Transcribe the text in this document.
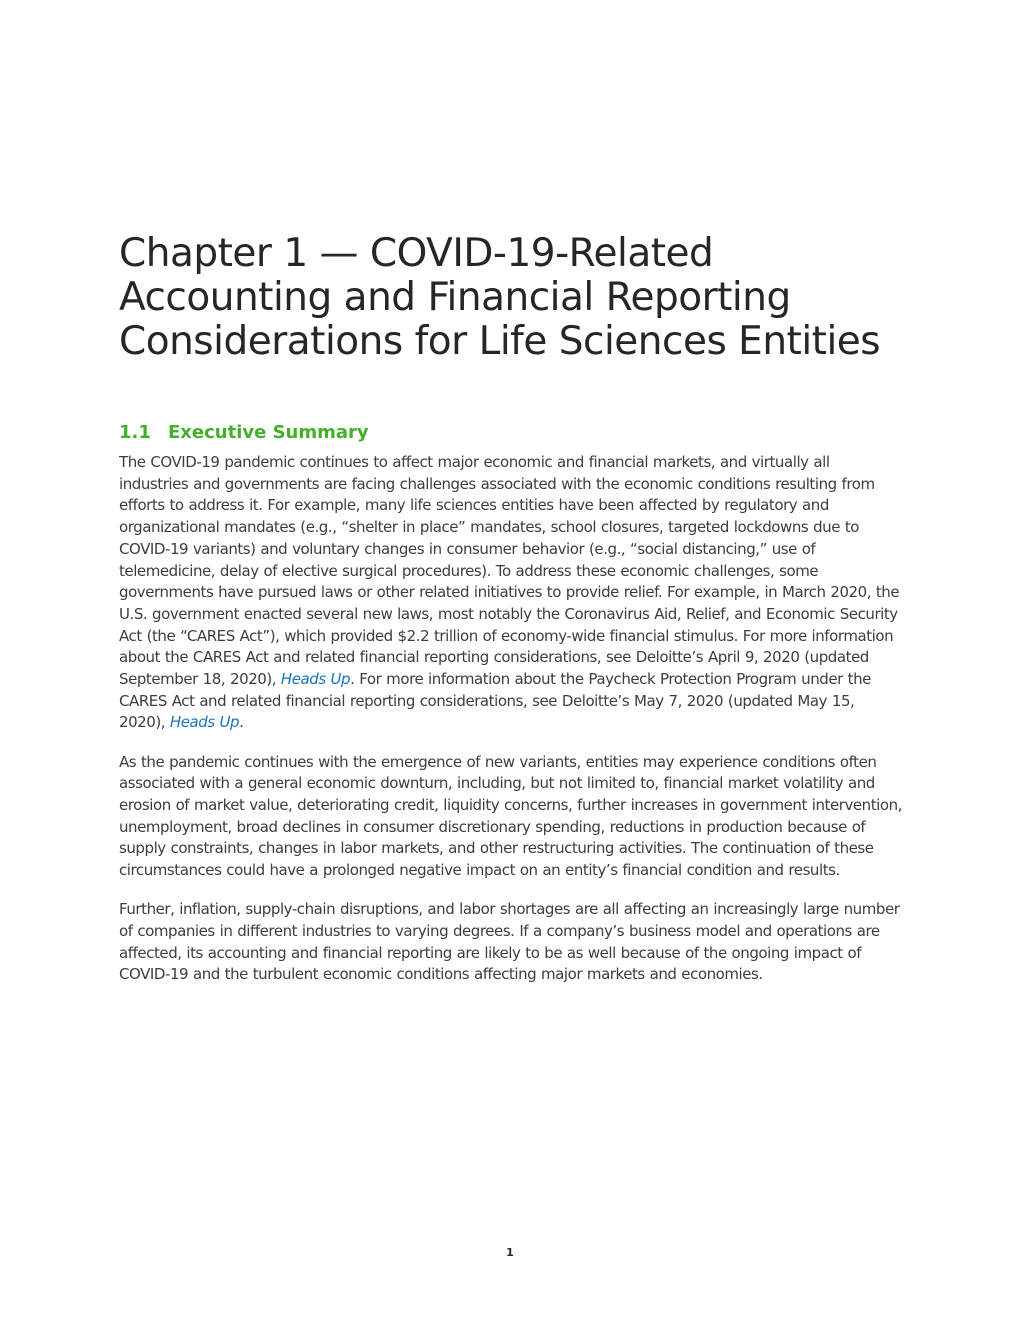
Chapter 1 — COVID-19-Related Accounting and Financial Reporting Considerations for Life Sciences Entities
1.1 Executive Summary

The COVID-19 pandemic continues to affect major economic and financial markets, and virtually all industries and governments are facing challenges associated with the economic conditions resulting from efforts to address it. For example, many life sciences entities have been affected by regulatory and organizational mandates (e.g., “shelter in place” mandates, school closures, targeted lockdowns due to COVID-19 variants) and voluntary changes in consumer behavior (e.g., “social distancing,” use of telemedicine, delay of elective surgical procedures). To address these economic challenges, some governments have pursued laws or other related initiatives to provide relief. For example, in March 2020, the U.S. government enacted several new laws, most notably the Coronavirus Aid, Relief, and Economic Security Act (the “CARES Act”), which provided $2.2 trillion of economy-wide financial stimulus. For more information about the CARES Act and related financial reporting considerations, see Deloitte’s April 9, 2020 (updated September 18, 2020), Heads Up. For more information about the Paycheck Protection Program under the CARES Act and related financial reporting considerations, see Deloitte’s May 7, 2020 (updated May 15, 2020), Heads Up.

As the pandemic continues with the emergence of new variants, entities may experience conditions often associated with a general economic downturn, including, but not limited to, financial market volatility and erosion of market value, deteriorating credit, liquidity concerns, further increases in government intervention, unemployment, broad declines in consumer discretionary spending, reductions in production because of supply constraints, changes in labor markets, and other restructuring activities. The continuation of these circumstances could have a prolonged negative impact on an entity’s financial condition and results.

Further, inflation, supply-chain disruptions, and labor shortages are all affecting an increasingly large number of companies in different industries to varying degrees. If a company’s business model and operations are affected, its accounting and financial reporting are likely to be as well because of the ongoing impact of COVID-19 and the turbulent economic conditions affecting major markets and economies.

1
